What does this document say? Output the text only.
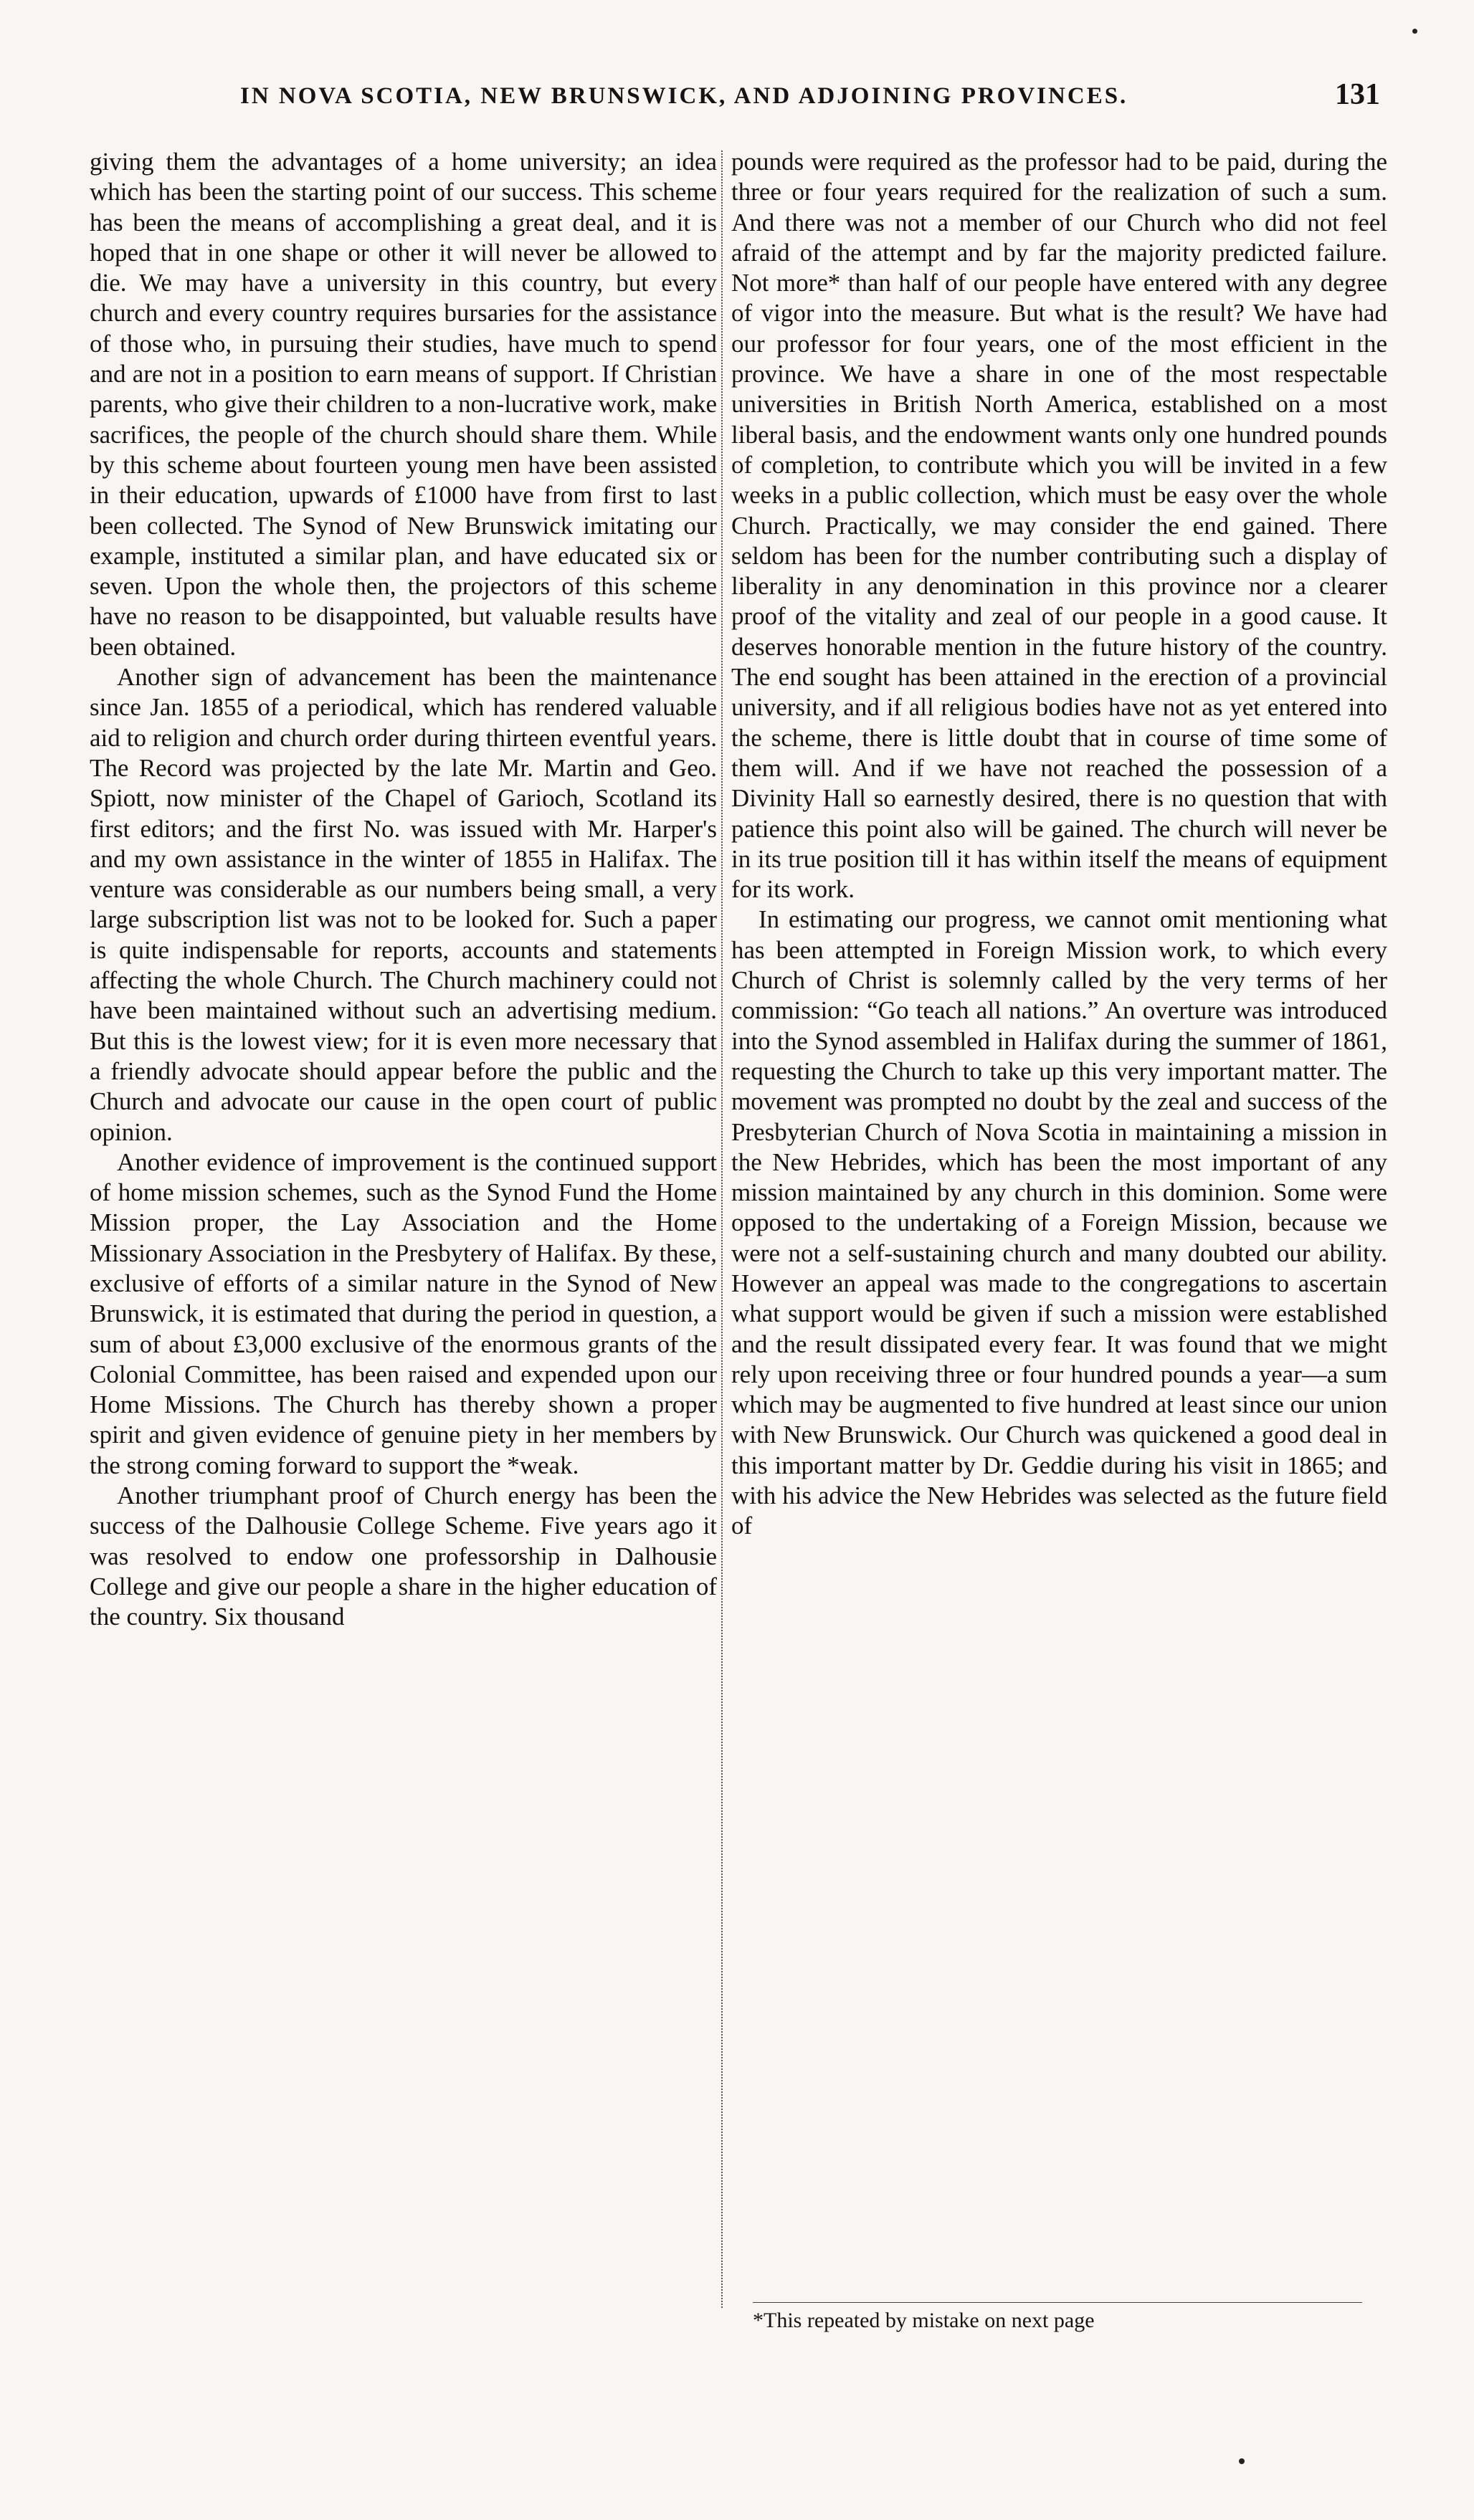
IN NOVA SCOTIA, NEW BRUNSWICK, AND ADJOINING PROVINCES.	131

giving them the advantages of a home university; an idea which has been the starting point of our success. This scheme has been the means of accomplishing a great deal, and it is hoped that in one shape or other it will never be allowed to die. We may have a university in this country, but every church and every country requires bursaries for the assistance of those who, in pursuing their studies, have much to spend and are not in a position to earn means of support. If Christian parents, who give their children to a non-lucrative work, make sacrifices, the people of the church should share them. While by this scheme about fourteen young men have been assisted in their education, upwards of £1000 have from first to last been collected. The Synod of New Brunswick imitating our example, instituted a similar plan, and have educated six or seven. Upon the whole then, the projectors of this scheme have no reason to be disappointed, but valuable results have been obtained.

Another sign of advancement has been the maintenance since Jan. 1855 of a periodical, which has rendered valuable aid to religion and church order during thirteen eventful years. The Record was projected by the late Mr. Martin and Geo. Spiott, now minister of the Chapel of Garioch, Scotland its first editors; and the first No. was issued with Mr. Harper's and my own assistance in the winter of 1855 in Halifax. The venture was considerable as our numbers being small, a very large subscription list was not to be looked for. Such a paper is quite indispensable for reports, accounts and statements affecting the whole Church. The Church machinery could not have been maintained without such an advertising medium. But this is the lowest view; for it is even more necessary that a friendly advocate should appear before the public and the Church and advocate our cause in the open court of public opinion.

Another evidence of improvement is the continued support of home mission schemes, such as the Synod Fund the Home Mission proper, the Lay Association and the Home Missionary Association in the Presbytery of Halifax. By these, exclusive of efforts of a similar nature in the Synod of New Brunswick, it is estimated that during the period in question, a sum of about £3,000 exclusive of the enormous grants of the Colonial Committee, has been raised and expended upon our Home Missions. The Church has thereby shown a proper spirit and given evidence of genuine piety in her members by the strong coming forward to support the *weak.

Another triumphant proof of Church energy has been the success of the Dalhousie College Scheme. Five years ago it was resolved to endow one professorship in Dalhousie College and give our people a share in the higher education of the country. Six thousand

pounds were required as the professor had to be paid, during the three or four years required for the realization of such a sum. And there was not a member of our Church who did not feel afraid of the attempt and by far the majority predicted failure. Not more* than half of our people have entered with any degree of vigor into the measure. But what is the result? We have had our professor for four years, one of the most efficient in the province. We have a share in one of the most respectable universities in British North America, established on a most liberal basis, and the endowment wants only one hundred pounds of completion, to contribute which you will be invited in a few weeks in a public collection, which must be easy over the whole Church. Practically, we may consider the end gained. There seldom has been for the number contributing such a display of liberality in any denomination in this province nor a clearer proof of the vitality and zeal of our people in a good cause. It deserves honorable mention in the future history of the country. The end sought has been attained in the erection of a provincial university, and if all religious bodies have not as yet entered into the scheme, there is little doubt that in course of time some of them will. And if we have not reached the possession of a Divinity Hall so earnestly desired, there is no question that with patience this point also will be gained. The church will never be in its true position till it has within itself the means of equipment for its work.

In estimating our progress, we cannot omit mentioning what has been attempted in Foreign Mission work, to which every Church of Christ is solemnly called by the very terms of her commission: “Go teach all nations.” An overture was introduced into the Synod assembled in Halifax during the summer of 1861, requesting the Church to take up this very important matter. The movement was prompted no doubt by the zeal and success of the Presbyterian Church of Nova Scotia in maintaining a mission in the New Hebrides, which has been the most important of any mission maintained by any church in this dominion. Some were opposed to the undertaking of a Foreign Mission, because we were not a self-sustaining church and many doubted our ability. However an appeal was made to the congregations to ascertain what support would be given if such a mission were established and the result dissipated every fear. It was found that we might rely upon receiving three or four hundred pounds a year—a sum which may be augmented to five hundred at least since our union with New Brunswick. Our Church was quickened a good deal in this important matter by Dr. Geddie during his visit in 1865; and with his advice the New Hebrides was selected as the future field of

*This repeated by mistake on next page
